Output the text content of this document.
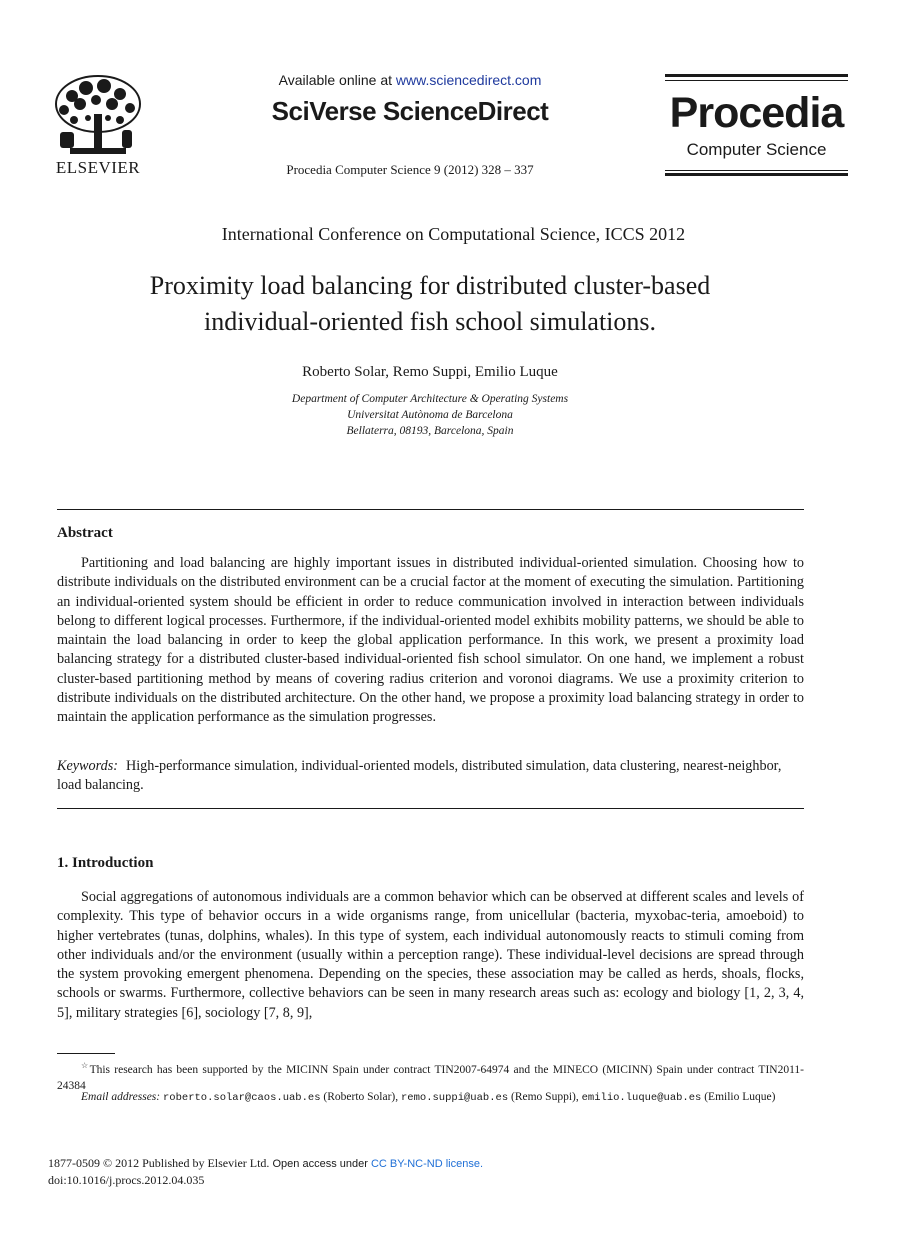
ELSEVIER
Available online at www.sciencedirect.com
SciVerse ScienceDirect
Procedia Computer Science 9 (2012) 328 – 337
Procedia
Computer Science
International Conference on Computational Science, ICCS 2012
Proximity load balancing for distributed cluster-based
individual-oriented fish school simulations.
Roberto Solar, Remo Suppi, Emilio Luque
Department of Computer Architecture & Operating Systems
Universitat Autònoma de Barcelona
Bellaterra, 08193, Barcelona, Spain
Abstract

Partitioning and load balancing are highly important issues in distributed individual-oriented simulation. Choosing how to distribute individuals on the distributed environment can be a crucial factor at the moment of executing the simulation. Partitioning an individual-oriented system should be efficient in order to reduce communication involved in interaction between individuals belong to different logical processes. Furthermore, if the individual-oriented model exhibits mobility patterns, we should be able to maintain the load balancing in order to keep the global application performance. In this work, we present a proximity load balancing strategy for a distributed cluster-based individual-oriented fish school simulator. On one hand, we implement a robust cluster-based partitioning method by means of covering radius criterion and voronoi diagrams. We use a proximity criterion to distribute individuals on the distributed architecture. On the other hand, we propose a proximity load balancing strategy in order to maintain the application performance as the simulation progresses.

Keywords: High-performance simulation, individual-oriented models, distributed simulation, data clustering, nearest-neighbor, load balancing.
1. Introduction

Social aggregations of autonomous individuals are a common behavior which can be observed at different scales and levels of complexity. This type of behavior occurs in a wide organisms range, from unicellular (bacteria, myxobac-teria, amoeboid) to higher vertebrates (tunas, dolphins, whales). In this type of system, each individual autonomously reacts to stimuli coming from other individuals and/or the environment (usually within a perception range). These individual-level decisions are spread through the system provoking emergent phenomena. Depending on the species, these association may be called as herds, shoals, flocks, schools or swarms. Furthermore, collective behaviors can be seen in many research areas such as: ecology and biology [1, 2, 3, 4, 5], military strategies [6], sociology [7, 8, 9],

☆This research has been supported by the MICINN Spain under contract TIN2007-64974 and the MINECO (MICINN) Spain under contract TIN2011-24384
Email addresses: roberto.solar@caos.uab.es (Roberto Solar), remo.suppi@uab.es (Remo Suppi), emilio.luque@uab.es (Emilio Luque)
1877-0509 © 2012 Published by Elsevier Ltd. Open access under CC BY-NC-ND license.
doi:10.1016/j.procs.2012.04.035
